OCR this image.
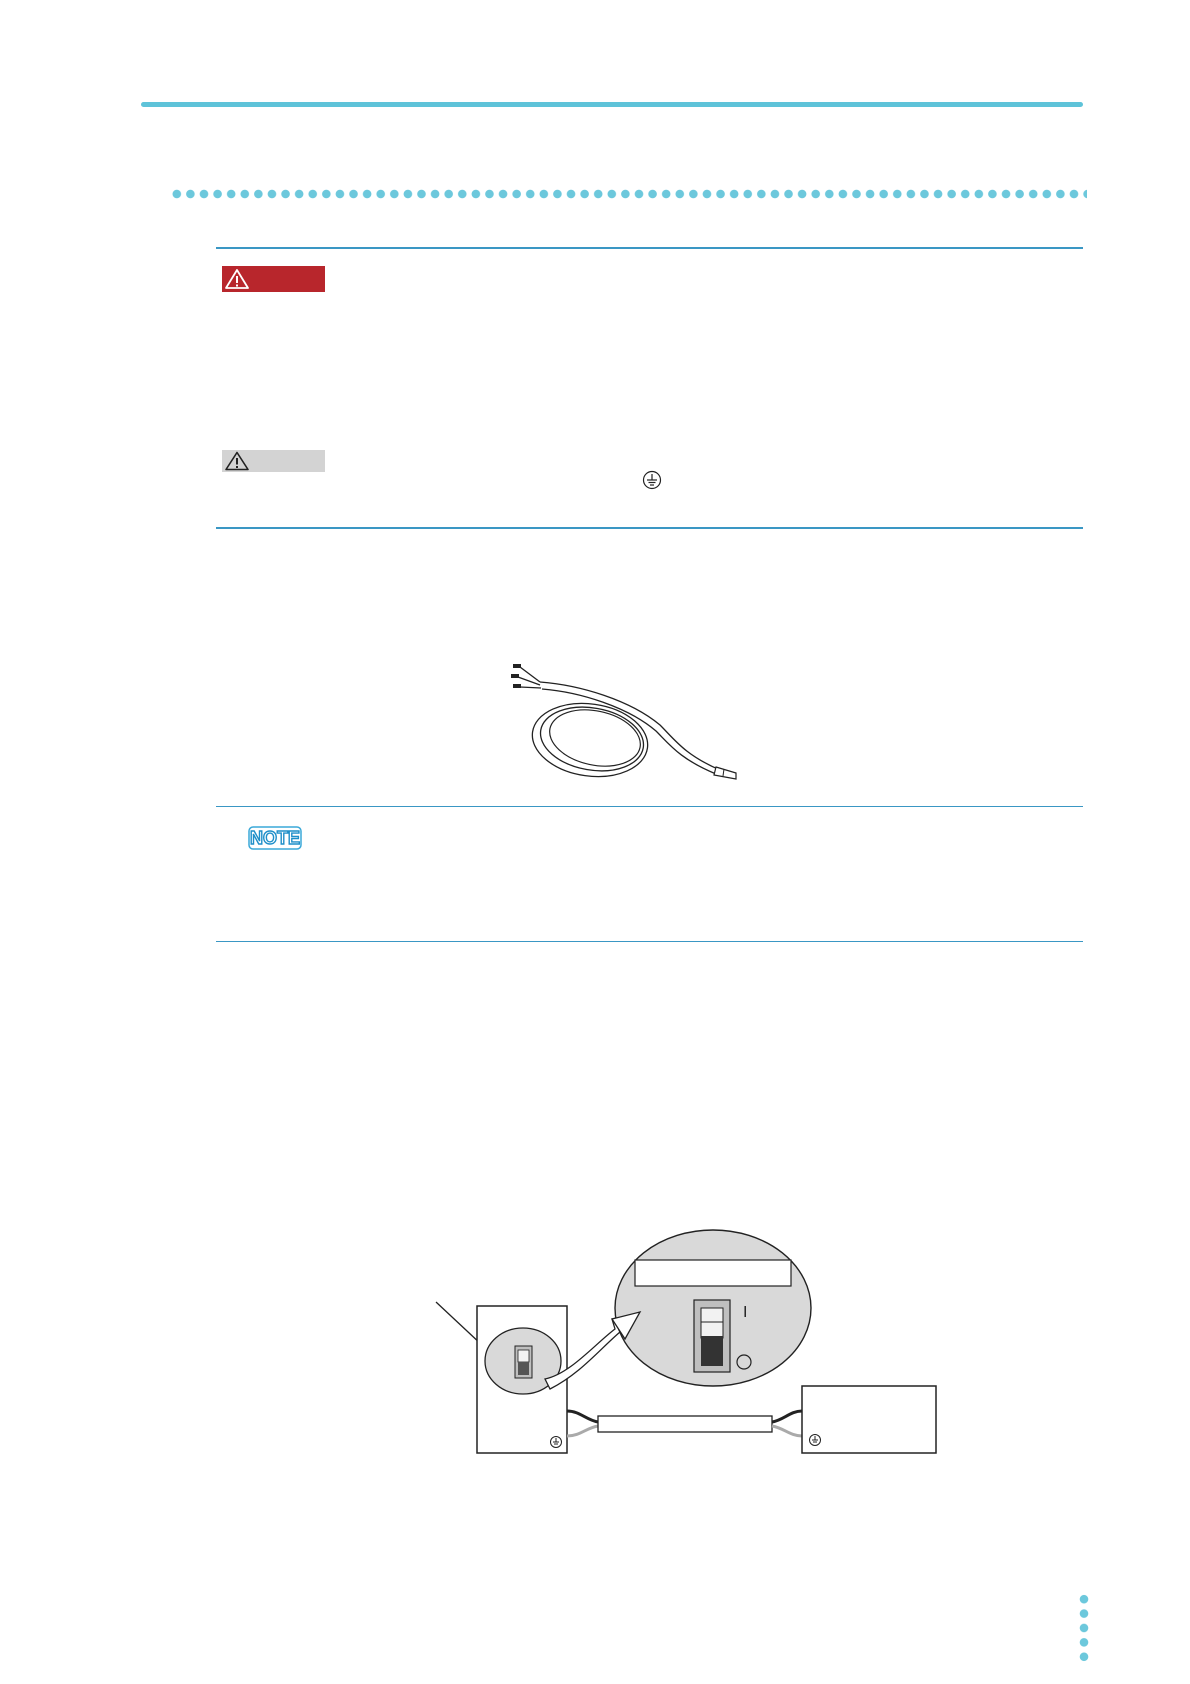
NOTE
I
